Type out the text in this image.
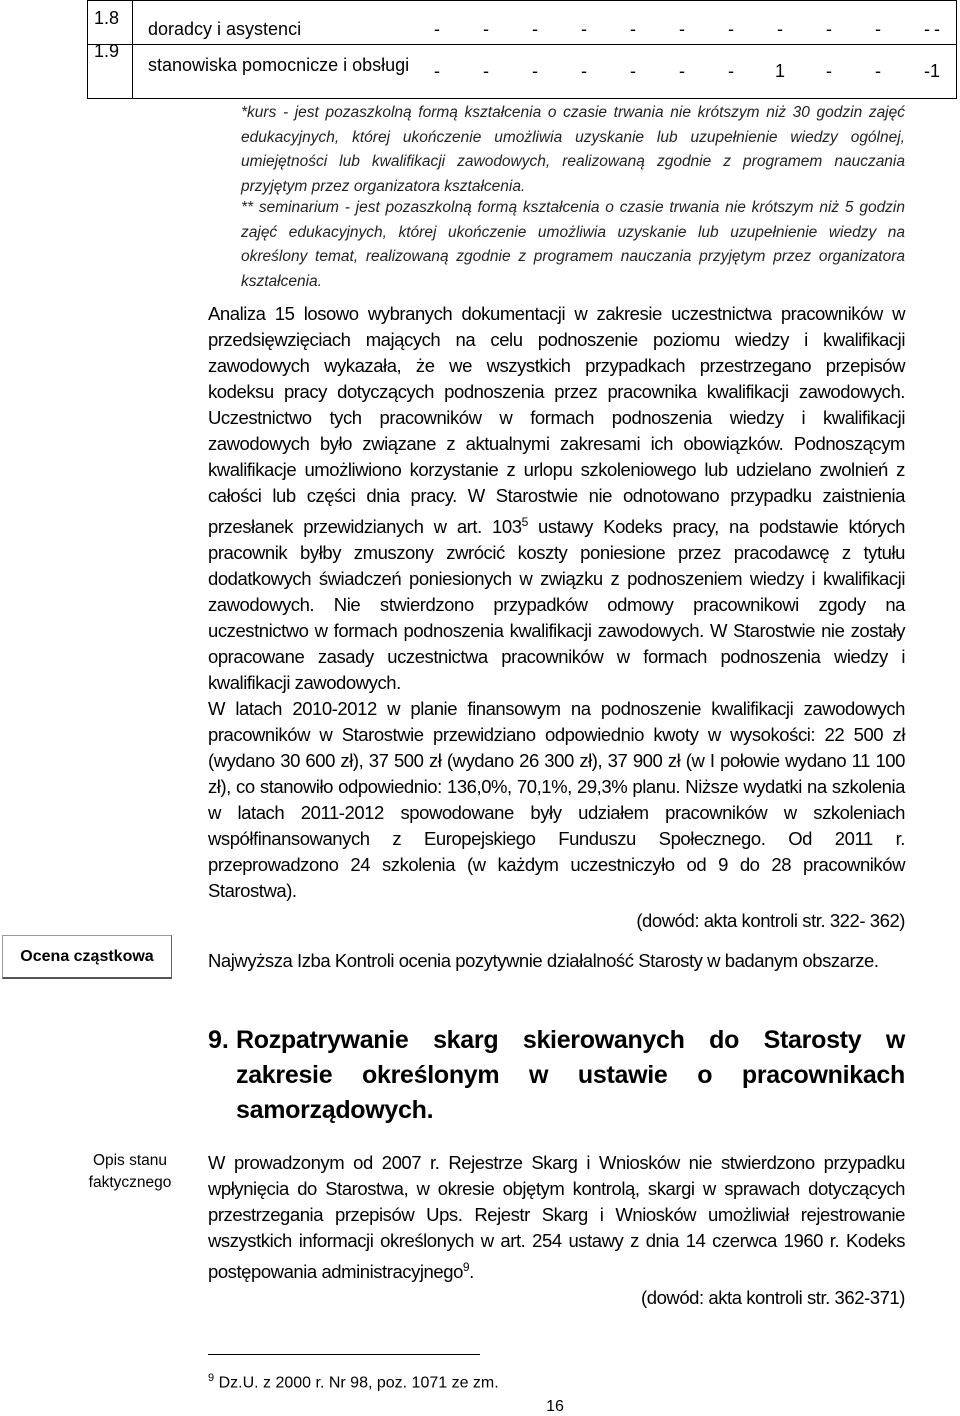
1.8
doradcy i asystenci	-	-	-	-	-	-	-	-	-	-	- -
1.9
stanowiska pomocnicze i obsługi	-	-	-	-	-	-	-	1	-	-	- 1
*kurs - jest pozaszkolną formą kształcenia o czasie trwania nie krótszym niż 30 godzin zajęć edukacyjnych, której ukończenie umożliwia uzyskanie lub uzupełnienie wiedzy ogólnej, umiejętności lub kwalifikacji zawodowych, realizowaną zgodnie z programem nauczania przyjętym przez organizatora kształcenia.
** seminarium - jest pozaszkolną formą kształcenia o czasie trwania nie krótszym niż 5 godzin zajęć edukacyjnych, której ukończenie umożliwia uzyskanie lub uzupełnienie wiedzy na określony temat, realizowaną zgodnie z programem nauczania przyjętym przez organizatora kształcenia.

Analiza 15 losowo wybranych dokumentacji w zakresie uczestnictwa pracowników w przedsięwzięciach mających na celu podnoszenie poziomu wiedzy i kwalifikacji zawodowych wykazała, że we wszystkich przypadkach przestrzegano przepisów kodeksu pracy dotyczących podnoszenia przez pracownika kwalifikacji zawodowych. Uczestnictwo tych pracowników w formach podnoszenia wiedzy i kwalifikacji zawodowych było związane z aktualnymi zakresami ich obowiązków. Podnoszącym kwalifikacje umożliwiono korzystanie z urlopu szkoleniowego lub udzielano zwolnień z całości lub części dnia pracy. W Starostwie nie odnotowano przypadku zaistnienia przesłanek przewidzianych w art. $103^5$ ustawy Kodeks pracy, na podstawie których pracownik byłby zmuszony zwrócić koszty poniesione przez pracodawcę z tytułu dodatkowych świadczeń poniesionych w związku z podnoszeniem wiedzy i kwalifikacji zawodowych. Nie stwierdzono przypadków odmowy pracownikowi zgody na uczestnictwo w formach podnoszenia kwalifikacji zawodowych. W Starostwie nie zostały opracowane zasady uczestnictwa pracowników w formach podnoszenia wiedzy i kwalifikacji zawodowych.

W latach 2010-2012 w planie finansowym na podnoszenie kwalifikacji zawodowych pracowników w Starostwie przewidziano odpowiednio kwoty w wysokości: 22 500 zł (wydano 30 600 zł), 37 500 zł (wydano 26 300 zł), 37 900 zł (w I połowie wydano 11 100 zł), co stanowiło odpowiednio: 136,0%, 70,1%, 29,3% planu. Niższe wydatki na szkolenia w latach 2011-2012 spowodowane były udziałem pracowników w szkoleniach współfinansowanych z Europejskiego Funduszu Społecznego. Od 2011 r. przeprowadzono 24 szkolenia (w każdym uczestniczyło od 9 do 28 pracowników Starostwa).

(dowód: akta kontroli str. 322- 362)

Ocena cząstkowa	Najwyższa Izba Kontroli ocenia pozytywnie działalność Starosty w badanym obszarze.

9. Rozpatrywanie skarg skierowanych do Starosty w zakresie określonym w ustawie o pracownikach samorządowych.
Opis stanu faktycznego

W prowadzonym od 2007 r. Rejestrze Skarg i Wniosków nie stwierdzono przypadku wpłynięcia do Starostwa, w okresie objętym kontrolą, skargi w sprawach dotyczących przestrzegania przepisów Ups. Rejestr Skarg i Wniosków umożliwiał rejestrowanie wszystkich informacji określonych w art. 254 ustawy z dnia 14 czerwca 1960 r. Kodeks postępowania administracyjnego$^9$.

(dowód: akta kontroli str. 362-371)

$^9$ Dz.U. z 2000 r. Nr 98, poz. 1071 ze zm.
16
